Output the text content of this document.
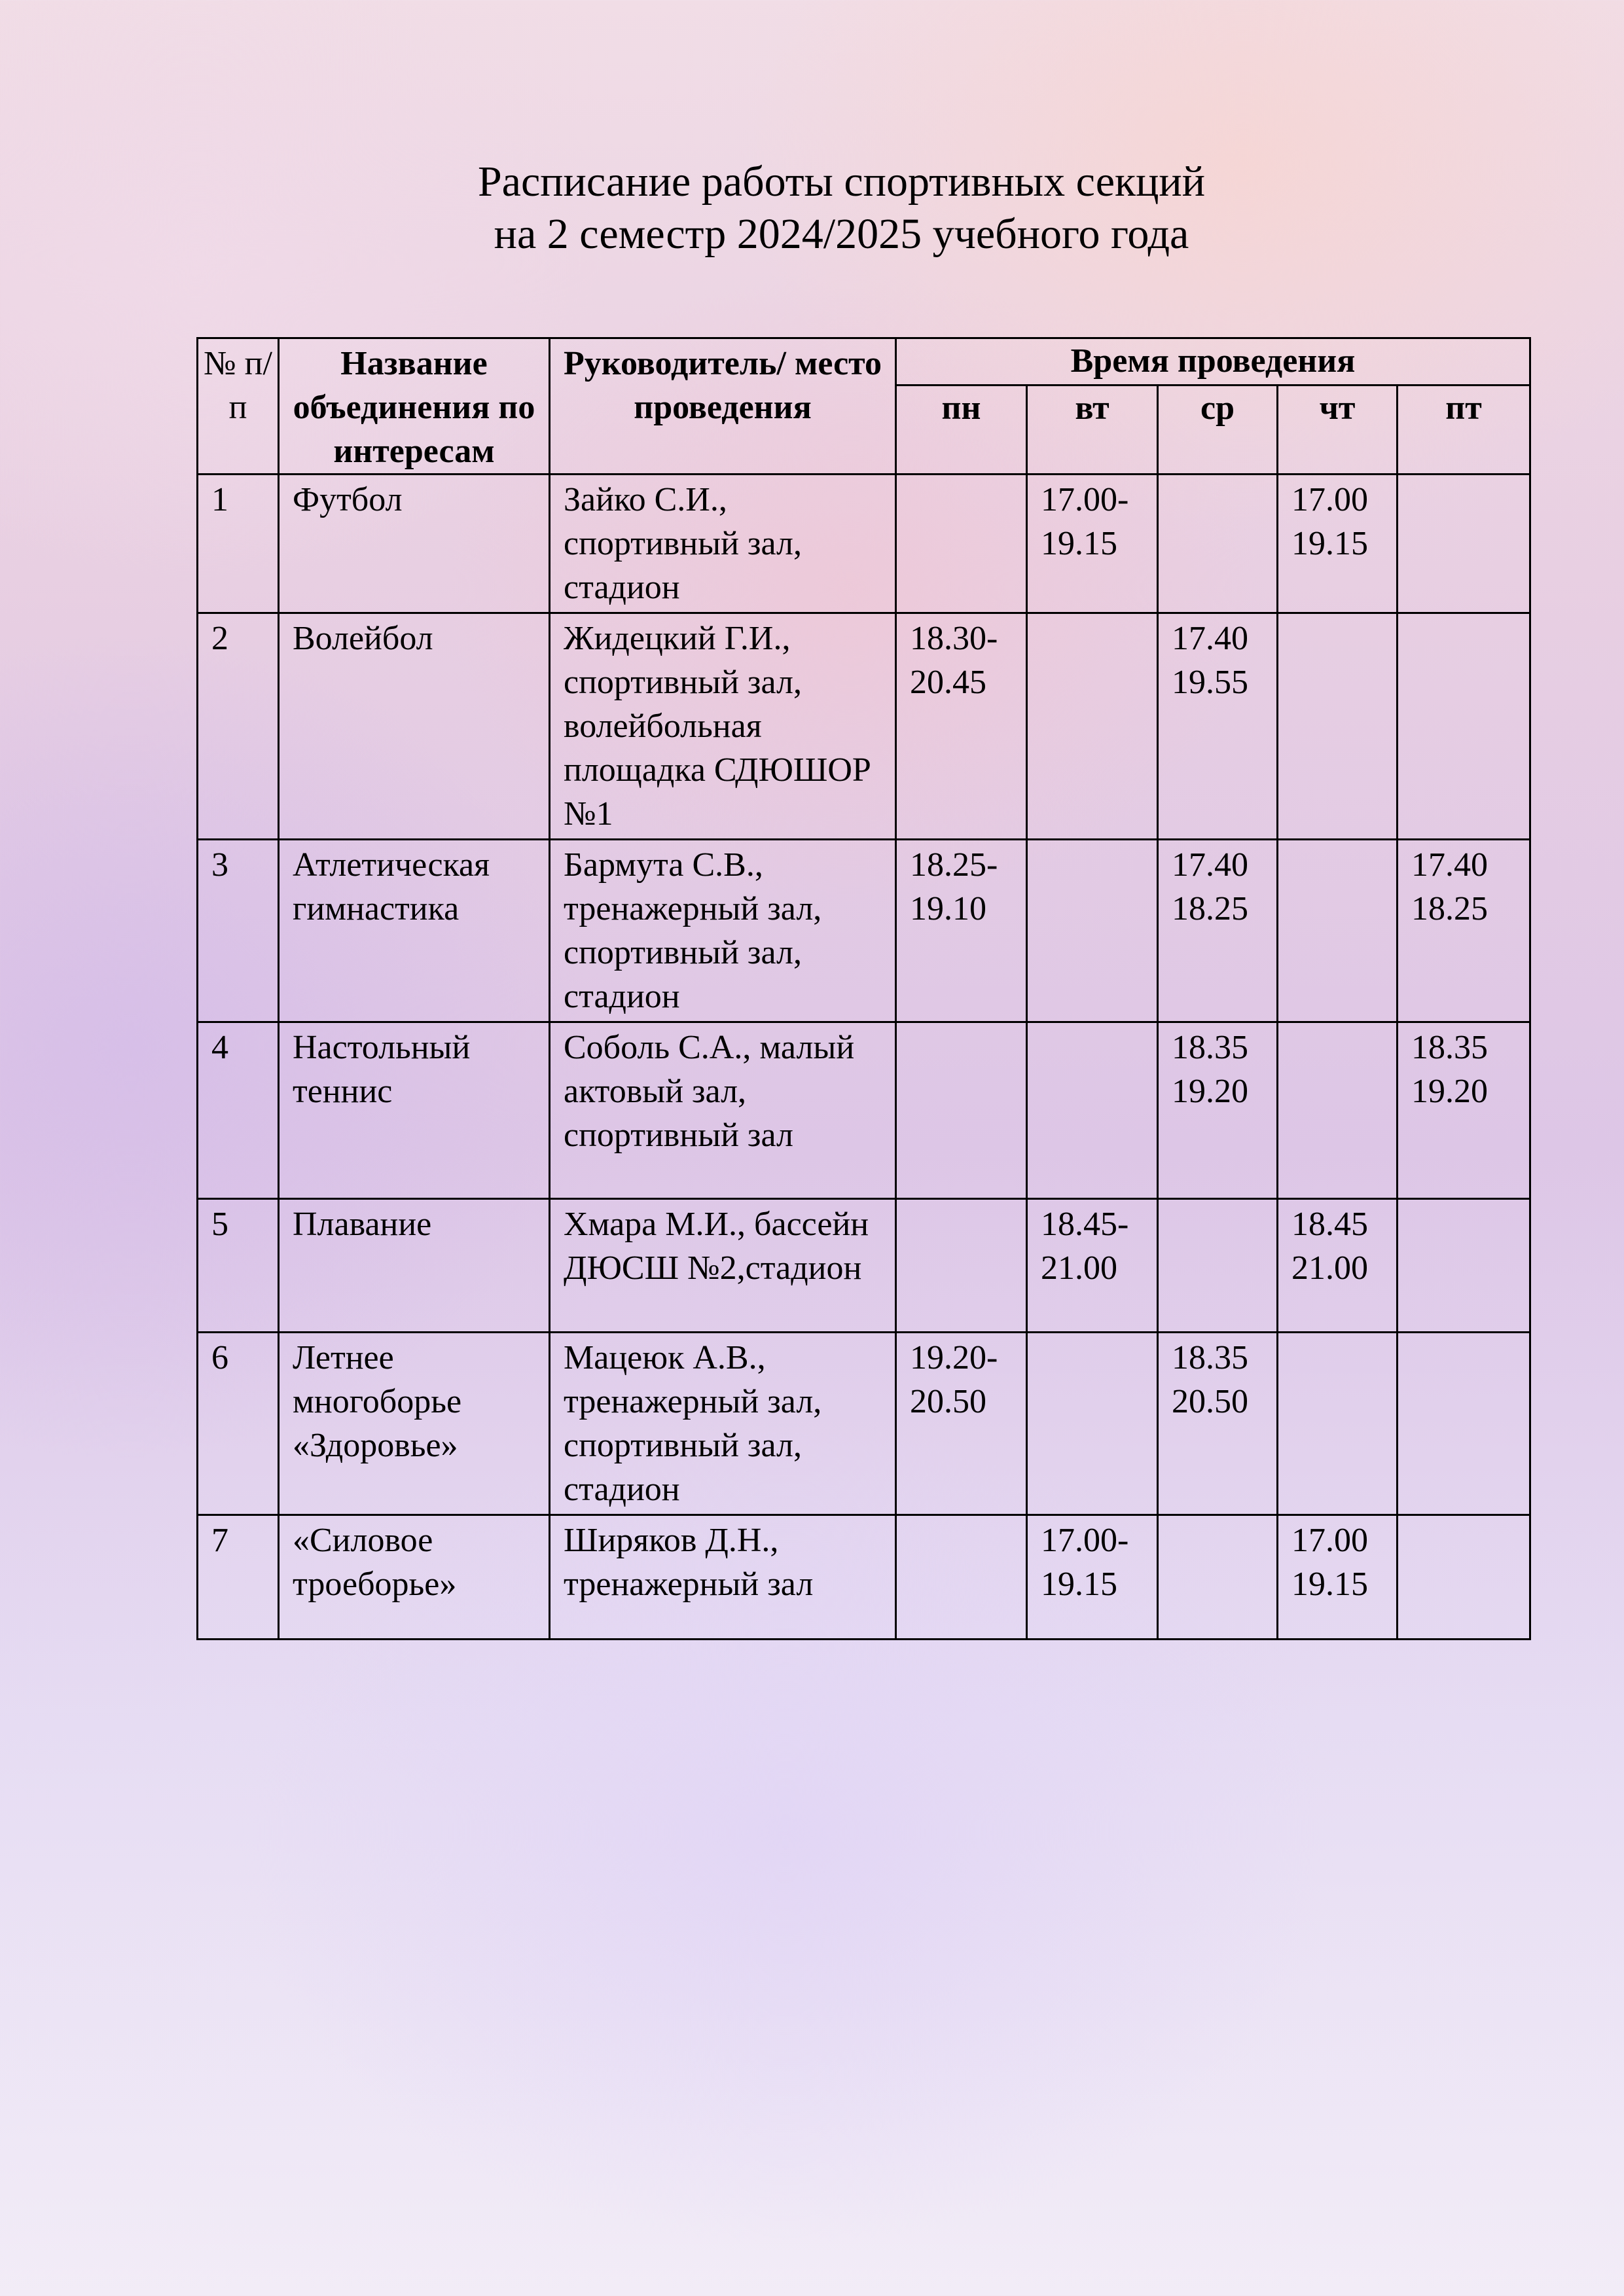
Расписание работы спортивных секций
на 2 семестр 2024/2025 учебного года
№ п/п	Название объединения по интересам	Руководитель/ место проведения	Время проведения				
			пн	вт	ср	чт	пт
1	Футбол	Зайко С.И., спортивный зал, стадион		17.00-19.15		17.00 19.15	
2	Волейбол	Жидецкий Г.И., спортивный зал, волейбольная площадка СДЮШОР №1	18.30-20.45		17.40 19.55		
3	Атлетическая гимнастика	Бармута С.В., тренажерный зал, спортивный зал, стадион	18.25-19.10		17.40 18.25		17.40 18.25
4	Настольный теннис	Соболь С.А., малый актовый зал, спортивный зал			18.35 19.20		18.35 19.20
5	Плавание	Хмара М.И., бассейн ДЮСШ №2,стадион		18.45-21.00		18.45 21.00	
6	Летнее многоборье «Здоровье»	Мацеюк А.В., тренажерный зал, спортивный зал, стадион	19.20-20.50		18.35 20.50		
7	«Силовое троеборье»	Ширяков Д.Н., тренажерный зал		17.00-19.15		17.00 19.15	
